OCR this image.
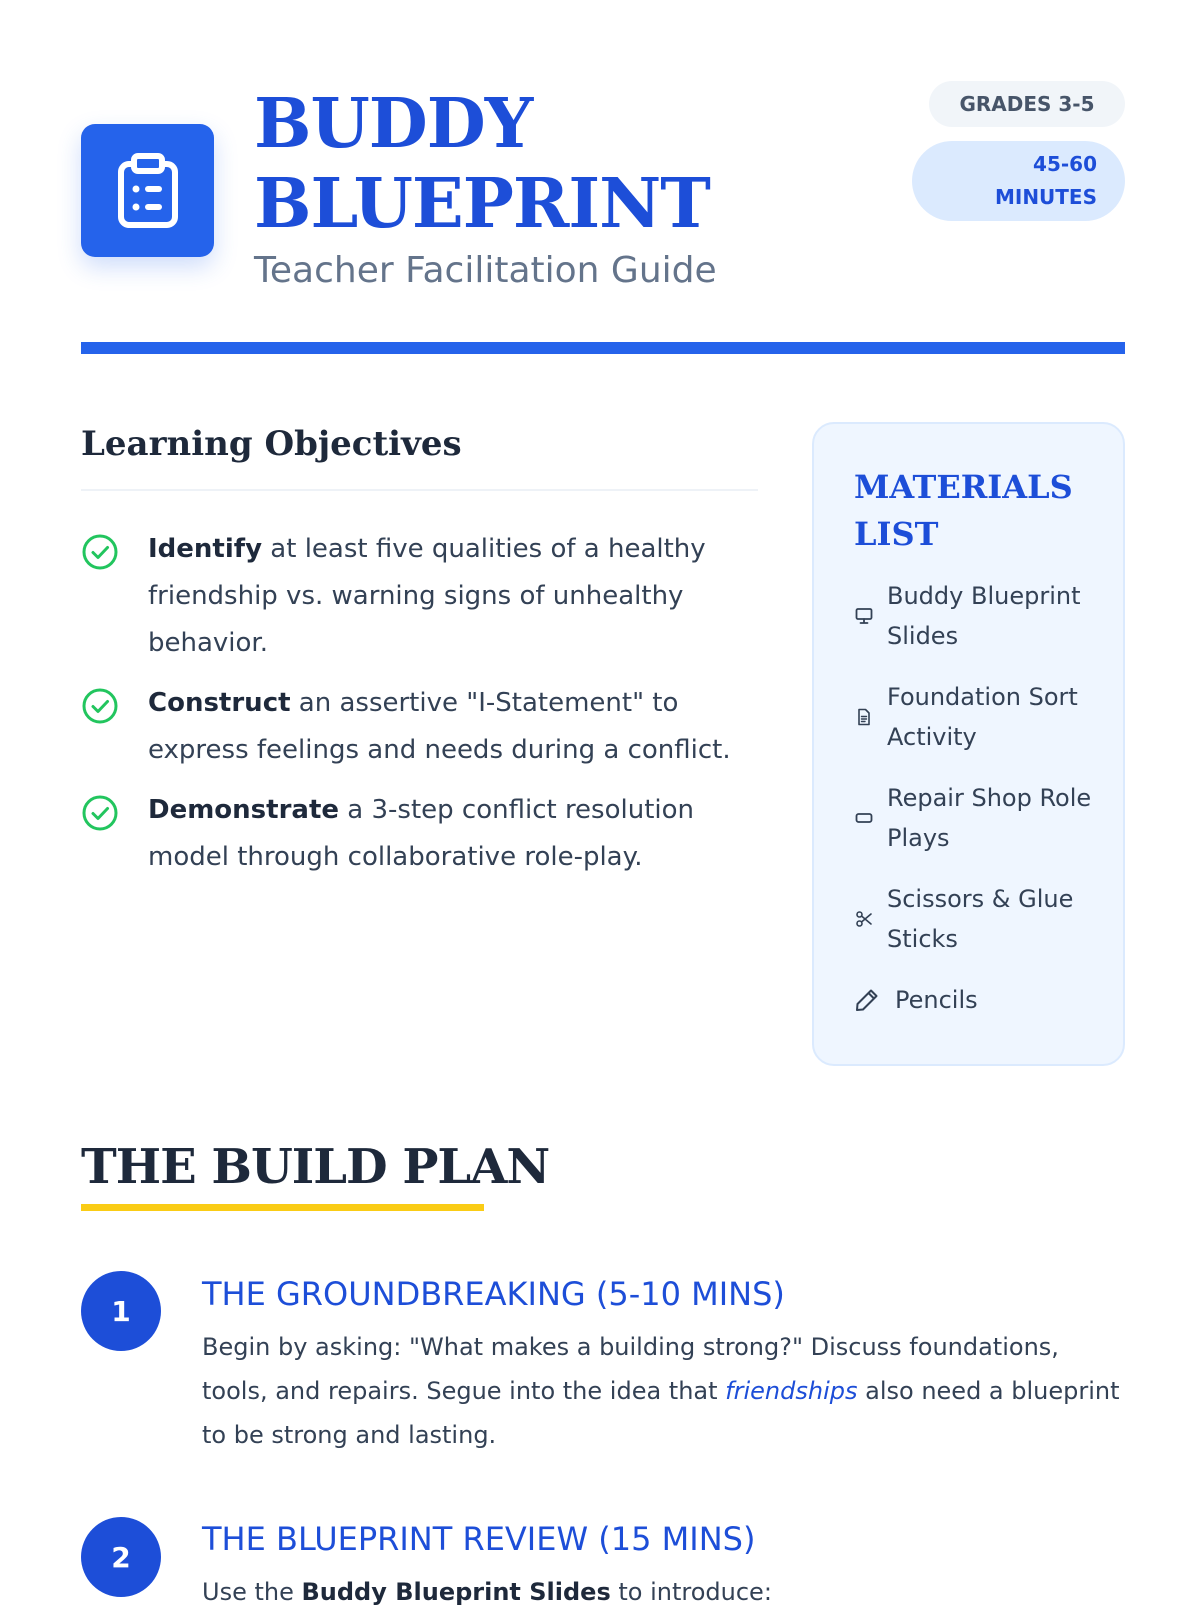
BUDDY
BLUEPRINT
Teacher Facilitation Guide
GRADES 3-5
45-60
MINUTES
Learning Objectives
Identify at least five qualities of a healthy friendship vs. warning signs of unhealthy behavior.
Construct an assertive "I-Statement" to express feelings and needs during a conflict.
Demonstrate a 3-step conflict resolution model through collaborative role-play.
MATERIALS
LIST
Buddy Blueprint Slides
Foundation Sort Activity
Repair Shop Role Plays
Scissors & Glue Sticks
Pencils
THE BUILD PLAN
1	THE GROUNDBREAKING (5-10 MINS)
Begin by asking: "What makes a building strong?" Discuss foundations, tools, and repairs. Segue into the idea that friendships also need a blueprint to be strong and lasting.
2	THE BLUEPRINT REVIEW (15 MINS)
Use the Buddy Blueprint Slides to introduce:
